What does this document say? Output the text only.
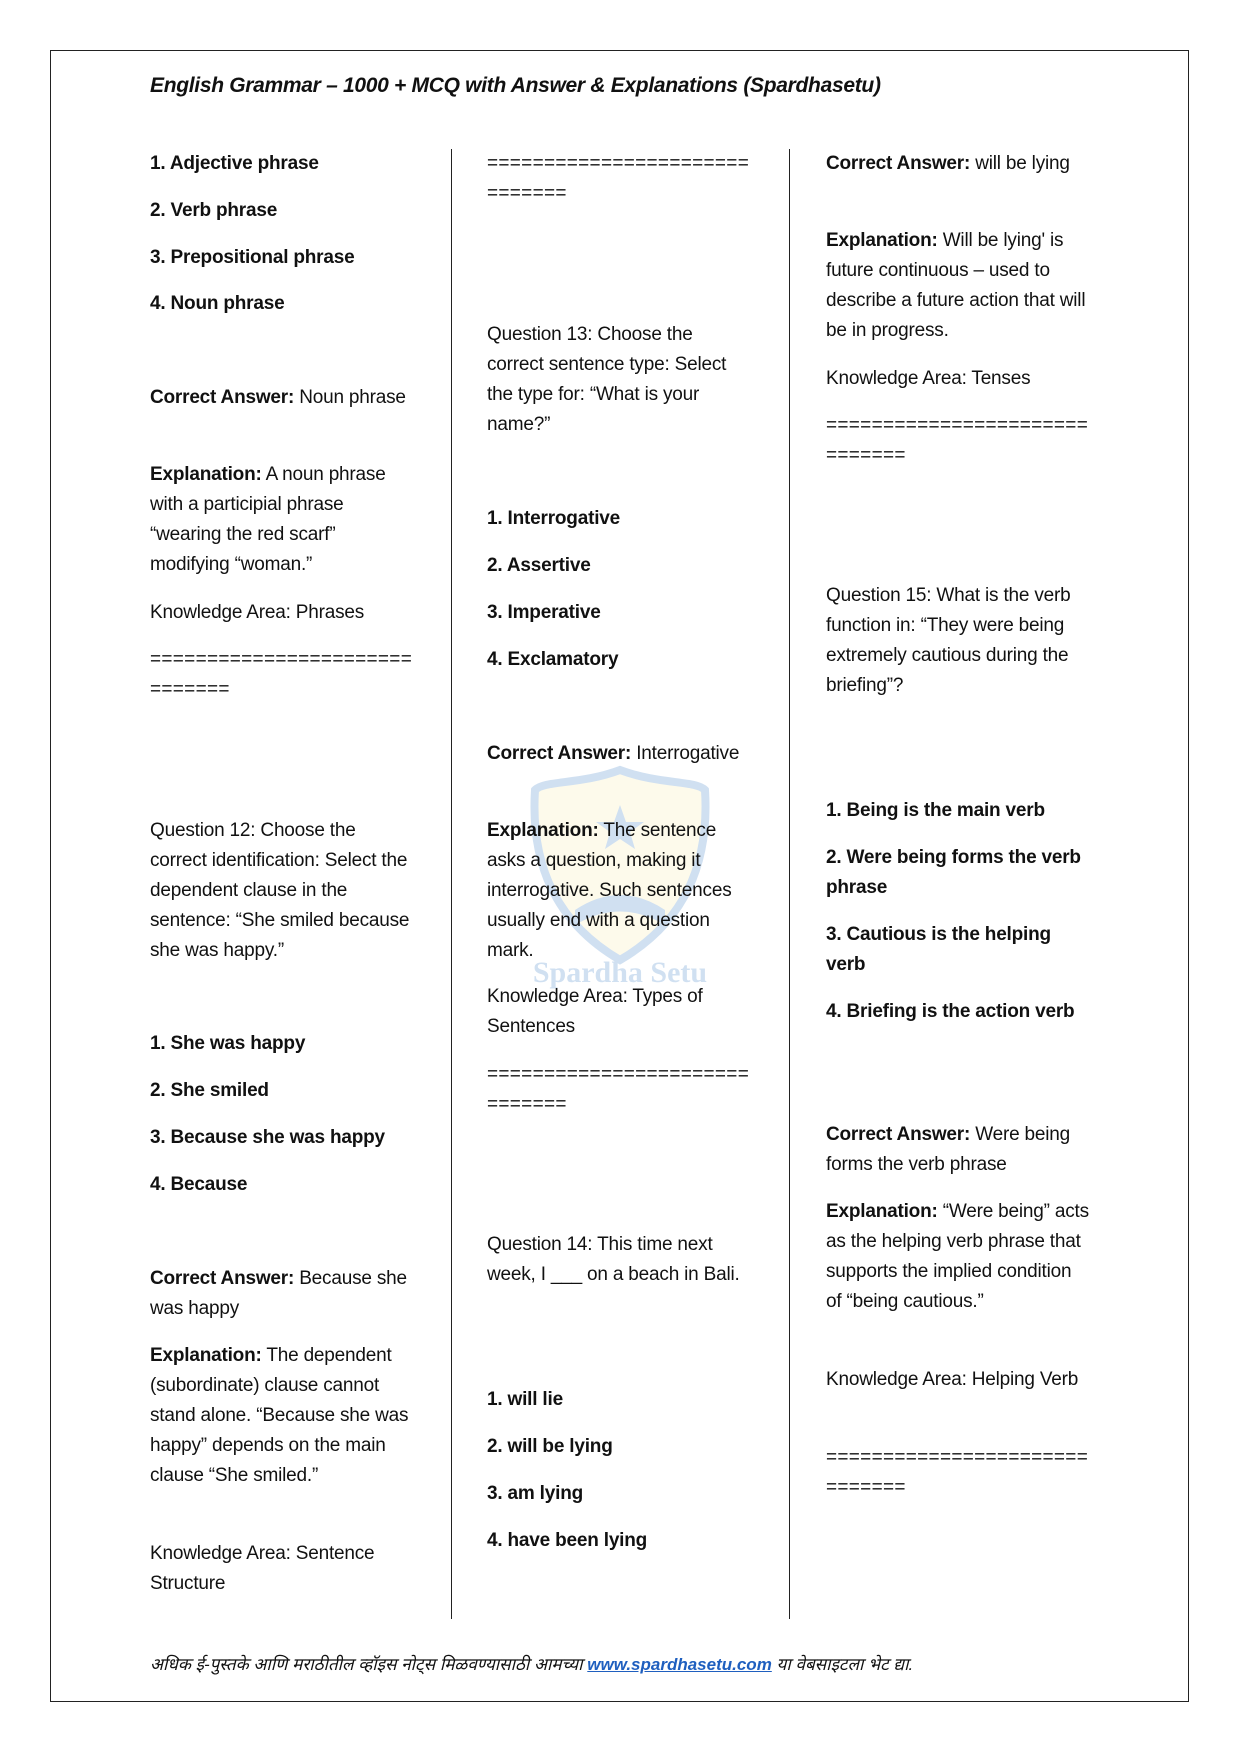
English Grammar – 1000 + MCQ with Answer & Explanations (Spardhasetu)
Spardha Setu
1. Adjective phrase
2. Verb phrase
3. Prepositional phrase
4. Noun phrase
Correct Answer: Noun phrase
Explanation: A noun phrase with a participial phrase “wearing the red scarf” modifying “woman.”
Knowledge Area: Phrases
==============================
Question 12: Choose the correct identification: Select the dependent clause in the sentence: “She smiled because she was happy.”
1. She was happy
2. She smiled
3. Because she was happy
4. Because
Correct Answer: Because she was happy
Explanation: The dependent (subordinate) clause cannot stand alone. “Because she was happy” depends on the main clause “She smiled.”
Knowledge Area: Sentence Structure
==============================
Question 13: Choose the correct sentence type: Select the type for: “What is your name?”
1. Interrogative
2. Assertive
3. Imperative
4. Exclamatory
Correct Answer: Interrogative
Explanation: The sentence asks a question, making it interrogative. Such sentences usually end with a question mark.
Knowledge Area: Types of Sentences
==============================
Question 14: This time next week, I ___ on a beach in Bali.
1. will lie
2. will be lying
3. am lying
4. have been lying
Correct Answer: will be lying
Explanation: Will be lying' is future continuous – used to describe a future action that will be in progress.
Knowledge Area: Tenses
==============================
Question 15: What is the verb function in: “They were being extremely cautious during the briefing”?
1. Being is the main verb
2. Were being forms the verb phrase
3. Cautious is the helping verb
4. Briefing is the action verb
Correct Answer: Were being forms the verb phrase
Explanation: “Were being” acts as the helping verb phrase that supports the implied condition of “being cautious.”
Knowledge Area: Helping Verb
==============================
अधिक ई-पुस्तके आणि मराठीतील व्हॉइस नोट्स मिळवण्यासाठी आमच्या www.spardhasetu.com या वेबसाइटला भेट द्या.
